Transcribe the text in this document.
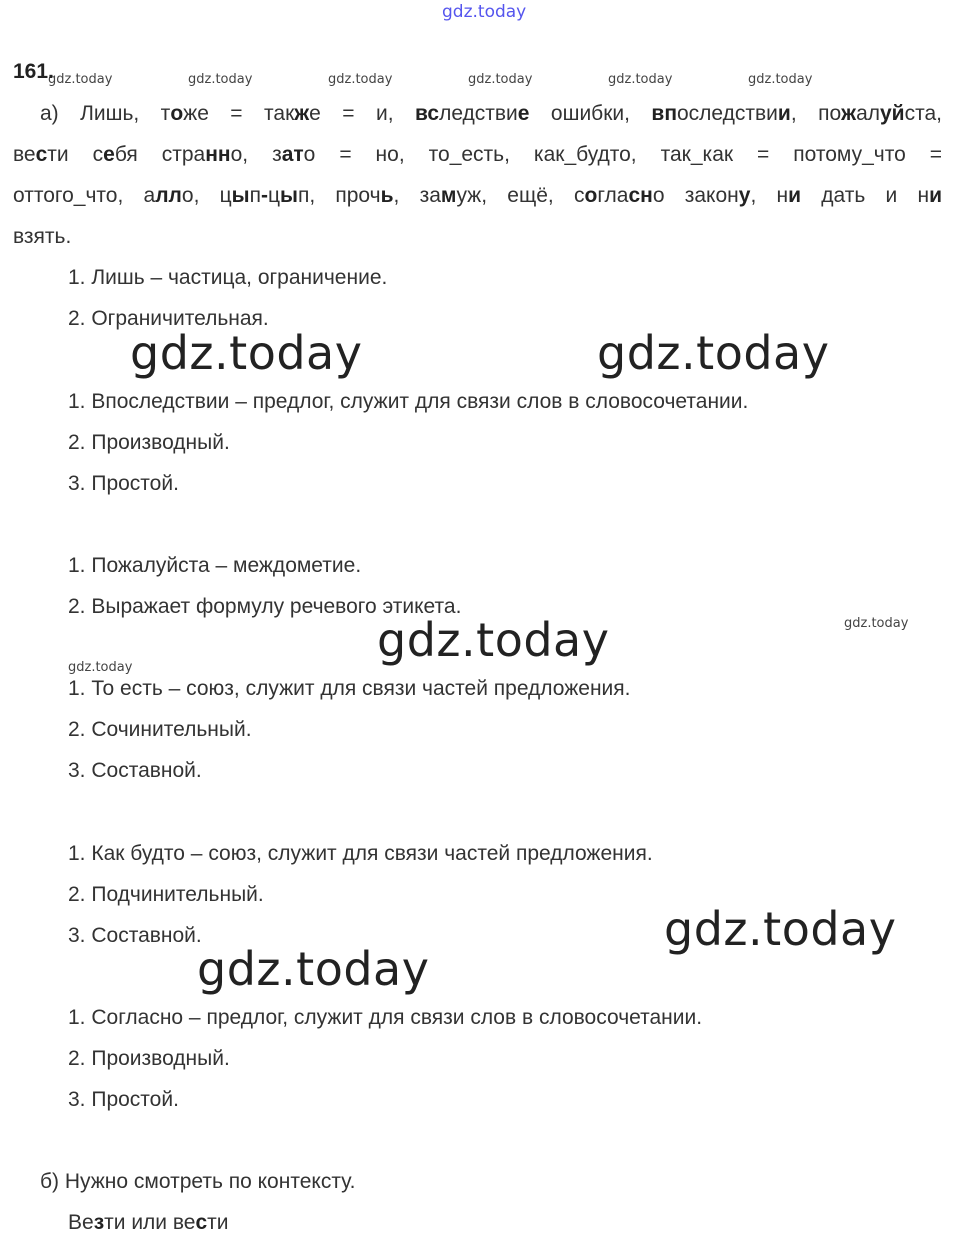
gdz.today
gdz.today	gdz.today	gdz.today	gdz.today	gdz.today	gdz.today
gdz.today
gdz.today
gdz.today	gdz.today
gdz.today
gdz.today
gdz.today
161.
а) Лишь, тоже = также = и, вследствие ошибки, впоследствии, пожалуйста,
вести себя странно, зато = но, то_есть, как_будто, так_как = потому_что =
оттого_что, алло, цып-цып, прочь, замуж, ещё, согласно закону, ни дать и ни
взять.
1. Лишь – частица, ограничение.
2. Ограничительная.
1. Впоследствии – предлог, служит для связи слов в словосочетании.
2. Производный.
3. Простой.
1. Пожалуйста – междометие.
2. Выражает формулу речевого этикета.
1. То есть – союз, служит для связи частей предложения.
2. Сочинительный.
3. Составной.
1. Как будто – союз, служит для связи частей предложения.
2. Подчинительный.
3. Составной.
1. Согласно – предлог, служит для связи слов в словосочетании.
2. Производный.
3. Простой.
б) Нужно смотреть по контексту.
Везти или вести
